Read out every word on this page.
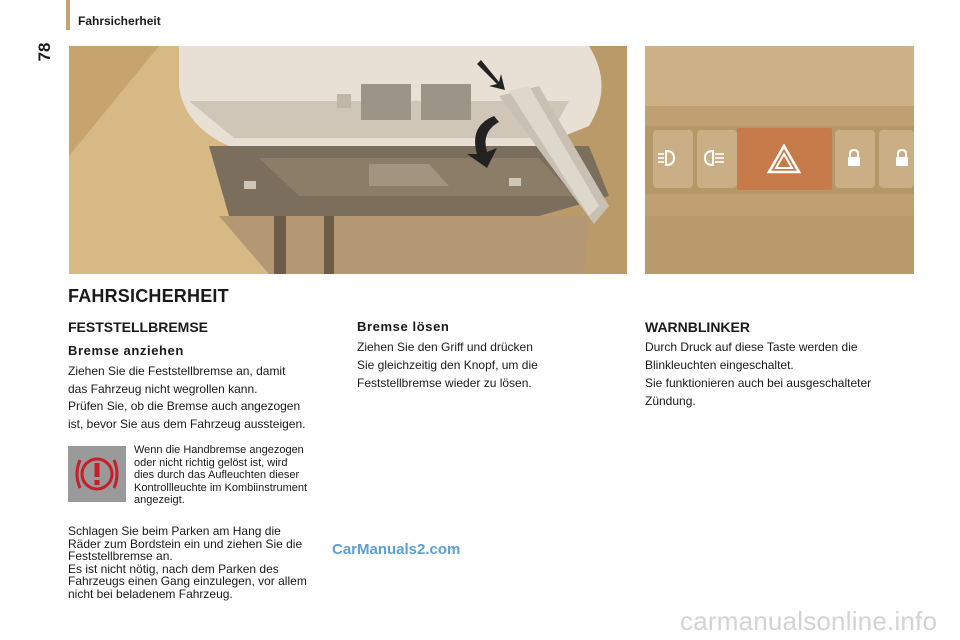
78
Fahrsicherheit
FAHRSICHERHEIT
FESTSTELLBREMSE
Bremse anziehen
Ziehen Sie die Feststellbremse an, damit
das Fahrzeug nicht wegrollen kann.
Prüfen Sie, ob die Bremse auch angezogen
ist, bevor Sie aus dem Fahrzeug aussteigen.
Wenn die Handbremse angezogen
oder nicht richtig gelöst ist, wird
dies durch das Aufleuchten dieser
Kontrollleuchte im Kombiinstrument
angezeigt.
Schlagen Sie beim Parken am Hang die
Räder zum Bordstein ein und ziehen Sie die
Feststellbremse an.
Es ist nicht nötig, nach dem Parken des
Fahrzeugs einen Gang einzulegen, vor allem
nicht bei beladenem Fahrzeug.
Bremse lösen
Ziehen Sie den Griff und drücken
Sie gleichzeitig den Knopf, um die
Feststellbremse wieder zu lösen.
WARNBLINKER
Durch Druck auf diese Taste werden die
Blinkleuchten eingeschaltet.
Sie funktionieren auch bei ausgeschalteter
Zündung.
CarManuals2.com
carmanualsonline.info
